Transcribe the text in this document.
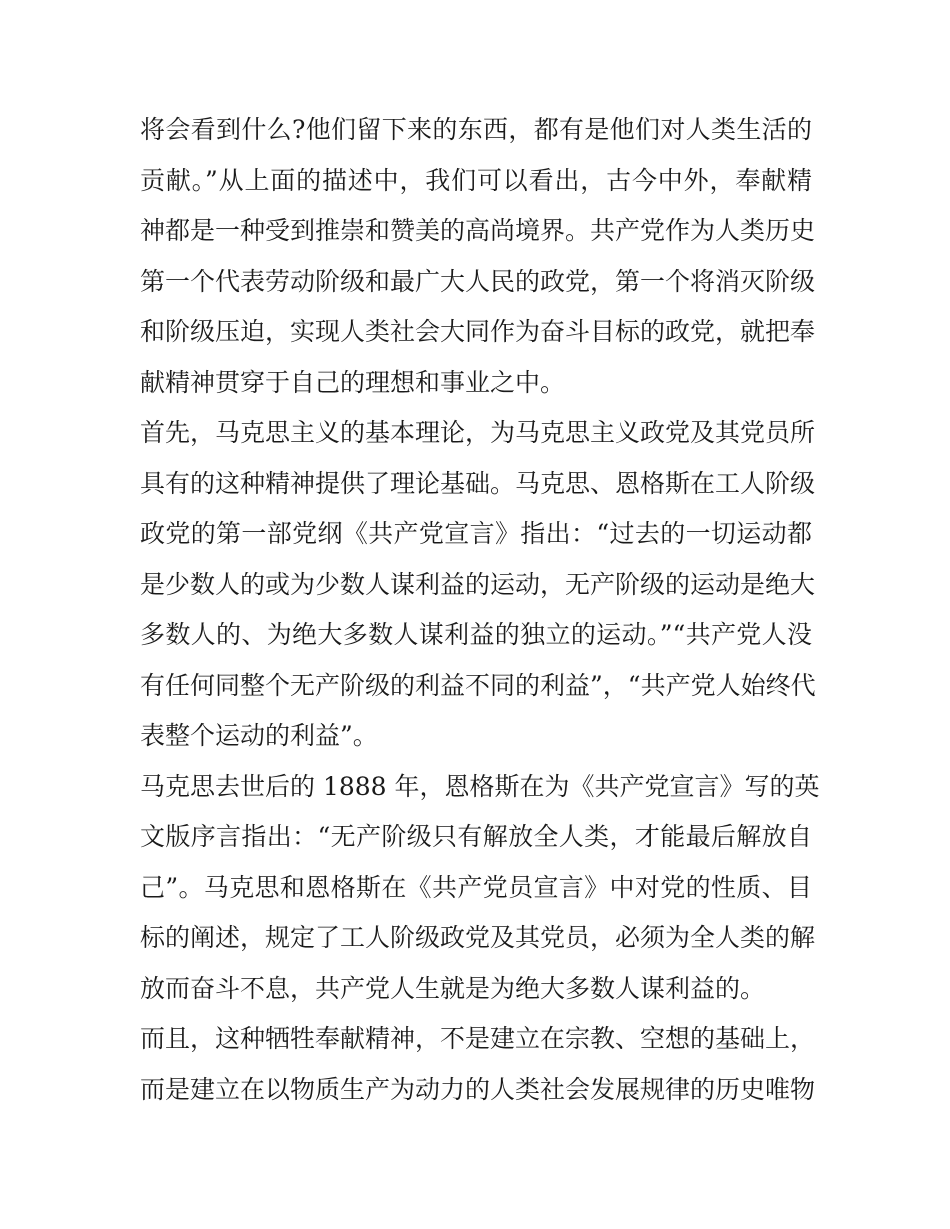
将会看到什么?他们留下来的东西，都有是他们对人类生活的
贡献。”从上面的描述中，我们可以看出，古今中外，奉献精
神都是一种受到推崇和赞美的高尚境界。共产党作为人类历史
第一个代表劳动阶级和最广大人民的政党，第一个将消灭阶级
和阶级压迫，实现人类社会大同作为奋斗目标的政党，就把奉
献精神贯穿于自己的理想和事业之中。
首先，马克思主义的基本理论，为马克思主义政党及其党员所
具有的这种精神提供了理论基础。马克思、恩格斯在工人阶级
政党的第一部党纲《共产党宣言》指出：“过去的一切运动都
是少数人的或为少数人谋利益的运动，无产阶级的运动是绝大
多数人的、为绝大多数人谋利益的独立的运动。”“共产党人没
有任何同整个无产阶级的利益不同的利益”，“共产党人始终代
表整个运动的利益”。
马克思去世后的 1888 年，恩格斯在为《共产党宣言》写的英
文版序言指出：“无产阶级只有解放全人类，才能最后解放自
己”。马克思和恩格斯在《共产党员宣言》中对党的性质、目
标的阐述，规定了工人阶级政党及其党员，必须为全人类的解
放而奋斗不息，共产党人生就是为绝大多数人谋利益的。
而且，这种牺牲奉献精神，不是建立在宗教、空想的基础上，
而是建立在以物质生产为动力的人类社会发展规律的历史唯物
